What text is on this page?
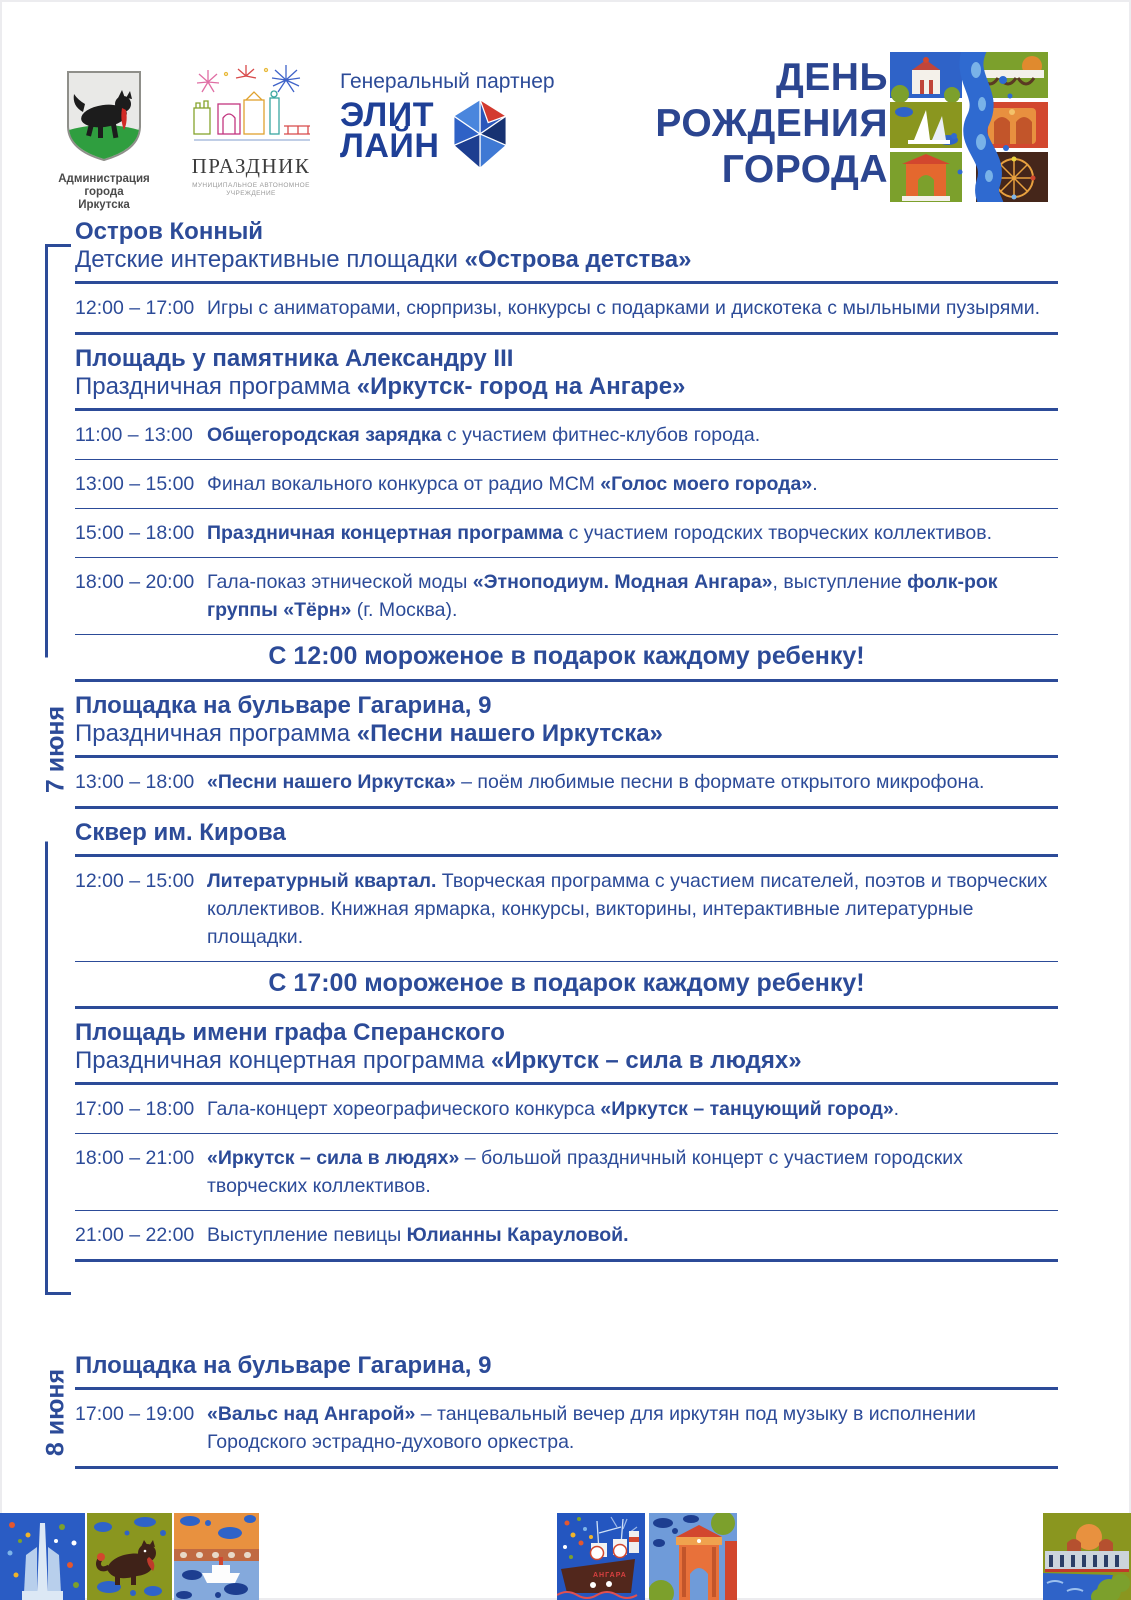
Администрация
города Иркутска
ПРАЗДНИК
МУНИЦИПАЛЬНОЕ АВТОНОМНОЕ
УЧРЕЖДЕНИЕ
Генеральный партнер
ЭЛИТ
ЛАЙН
ДЕНЬ
РОЖДЕНИЯ
ГОРОДА
7 июня
Остров Конный
Детские интерактивные площадки «Острова детства»
12:00 – 17:00 Игры с аниматорами, сюрпризы, конкурсы с подарками и дискотека с мыльными пузырями.
Площадь у памятника Александру III
Праздничная программа «Иркутск- город на Ангаре»
11:00 – 13:00 Общегородская зарядка с участием фитнес-клубов города.
13:00 – 15:00 Финал вокального конкурса от радио МСМ «Голос моего города».
15:00 – 18:00 Праздничная концертная программа с участием городских творческих коллективов.
18:00 – 20:00 Гала-показ этнической моды «Этноподиум. Модная Ангара», выступление фолк-рок группы «Тёрн» (г. Москва).
С 12:00 мороженое в подарок каждому ребенку!
Площадка на бульваре Гагарина, 9
Праздничная программа «Песни нашего Иркутска»
13:00 – 18:00 «Песни нашего Иркутска» – поём любимые песни в формате открытого микрофона.
Сквер им. Кирова
12:00 – 15:00 Литературный квартал. Творческая программа с участием писателей, поэтов и творческих коллективов. Книжная ярмарка, конкурсы, викторины, интерактивные литературные площадки.
С 17:00 мороженое в подарок каждому ребенку!
Площадь имени графа Сперанского
Праздничная концертная программа «Иркутск – сила в людях»
17:00 – 18:00 Гала-концерт хореографического конкурса «Иркутск – танцующий город».
18:00 – 21:00 «Иркутск – сила в людях» – большой праздничный концерт с участием городских творческих коллективов.
21:00 – 22:00 Выступление певицы Юлианны Карауловой.
8 июня
Площадка на бульваре Гагарина, 9
17:00 – 19:00 «Вальс над Ангарой» – танцевальный вечер для иркутян под музыку в исполнении Городского эстрадно-духового оркестра.
АНГАРА
